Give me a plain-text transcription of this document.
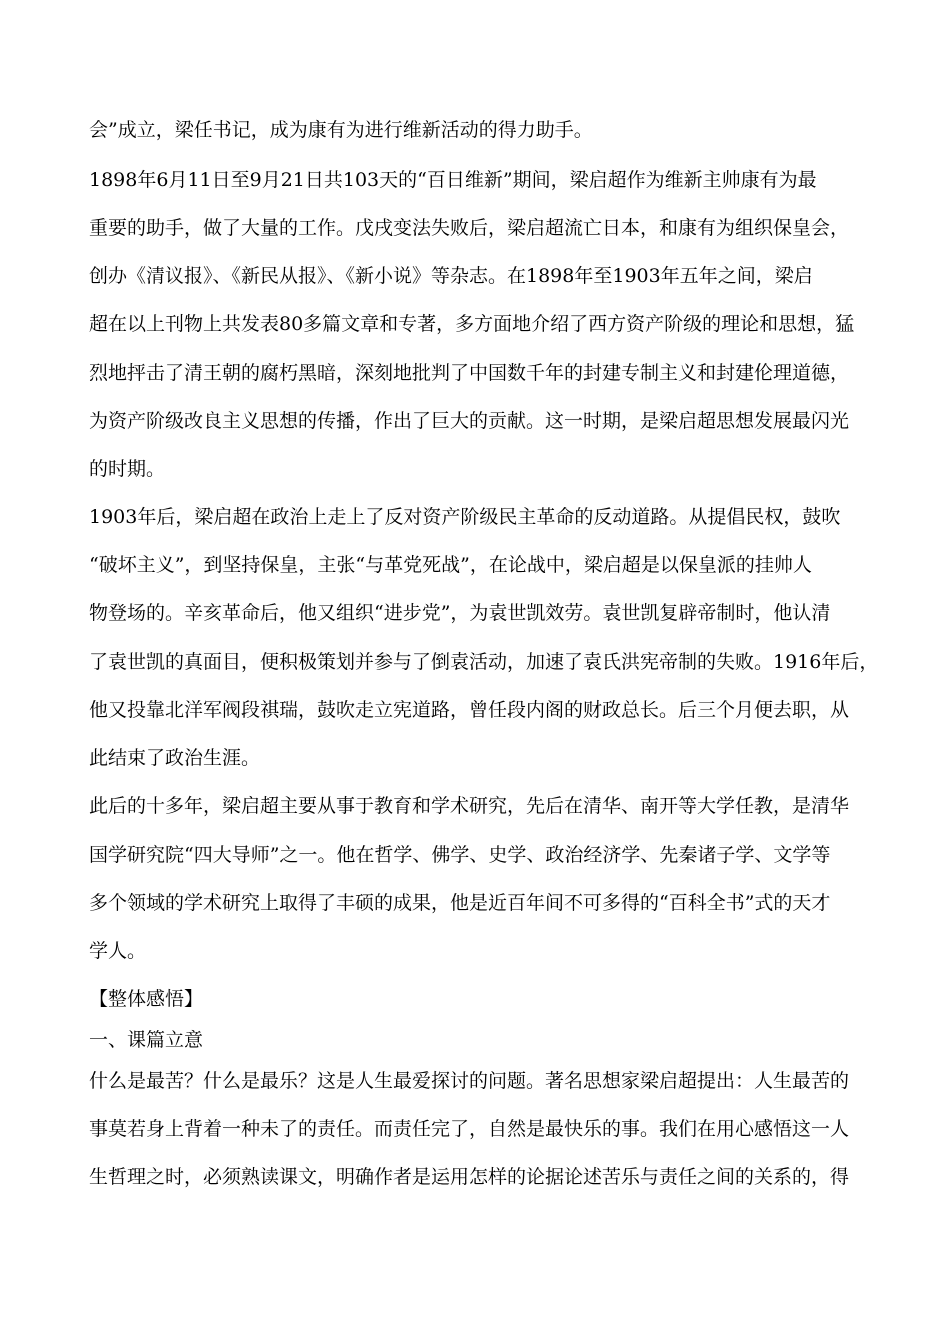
会”成立，梁任书记，成为康有为进行维新活动的得力助手。
1898年6月11日至9月21日共103天的“百日维新”期间，梁启超作为维新主帅康有为最
重要的助手，做了大量的工作。戊戌变法失败后，梁启超流亡日本，和康有为组织保皇会，
创办《清议报》、《新民从报》、《新小说》等杂志。在1898年至1903年五年之间，梁启
超在以上刊物上共发表80多篇文章和专著，多方面地介绍了西方资产阶级的理论和思想，猛
烈地抨击了清王朝的腐朽黑暗，深刻地批判了中国数千年的封建专制主义和封建伦理道德，
为资产阶级改良主义思想的传播，作出了巨大的贡献。这一时期，是梁启超思想发展最闪光
的时期。
1903年后，梁启超在政治上走上了反对资产阶级民主革命的反动道路。从提倡民权，鼓吹
“破坏主义”，到坚持保皇，主张“与革党死战”，在论战中，梁启超是以保皇派的挂帅人
物登场的。辛亥革命后，他又组织“进步党”，为袁世凯效劳。袁世凯复辟帝制时，他认清
了袁世凯的真面目，便积极策划并参与了倒袁活动，加速了袁氏洪宪帝制的失败。1916年后，
他又投靠北洋军阀段祺瑞，鼓吹走立宪道路，曾任段内阁的财政总长。后三个月便去职，从
此结束了政治生涯。
此后的十多年，梁启超主要从事于教育和学术研究，先后在清华、南开等大学任教，是清华
国学研究院“四大导师”之一。他在哲学、佛学、史学、政治经济学、先秦诸子学、文学等
多个领域的学术研究上取得了丰硕的成果，他是近百年间不可多得的“百科全书”式的天才
学人。
【整体感悟】
一、课篇立意
什么是最苦？什么是最乐？这是人生最爱探讨的问题。著名思想家梁启超提出：人生最苦的
事莫若身上背着一种未了的责任。而责任完了，自然是最快乐的事。我们在用心感悟这一人
生哲理之时，必须熟读课文，明确作者是运用怎样的论据论述苦乐与责任之间的关系的，得
